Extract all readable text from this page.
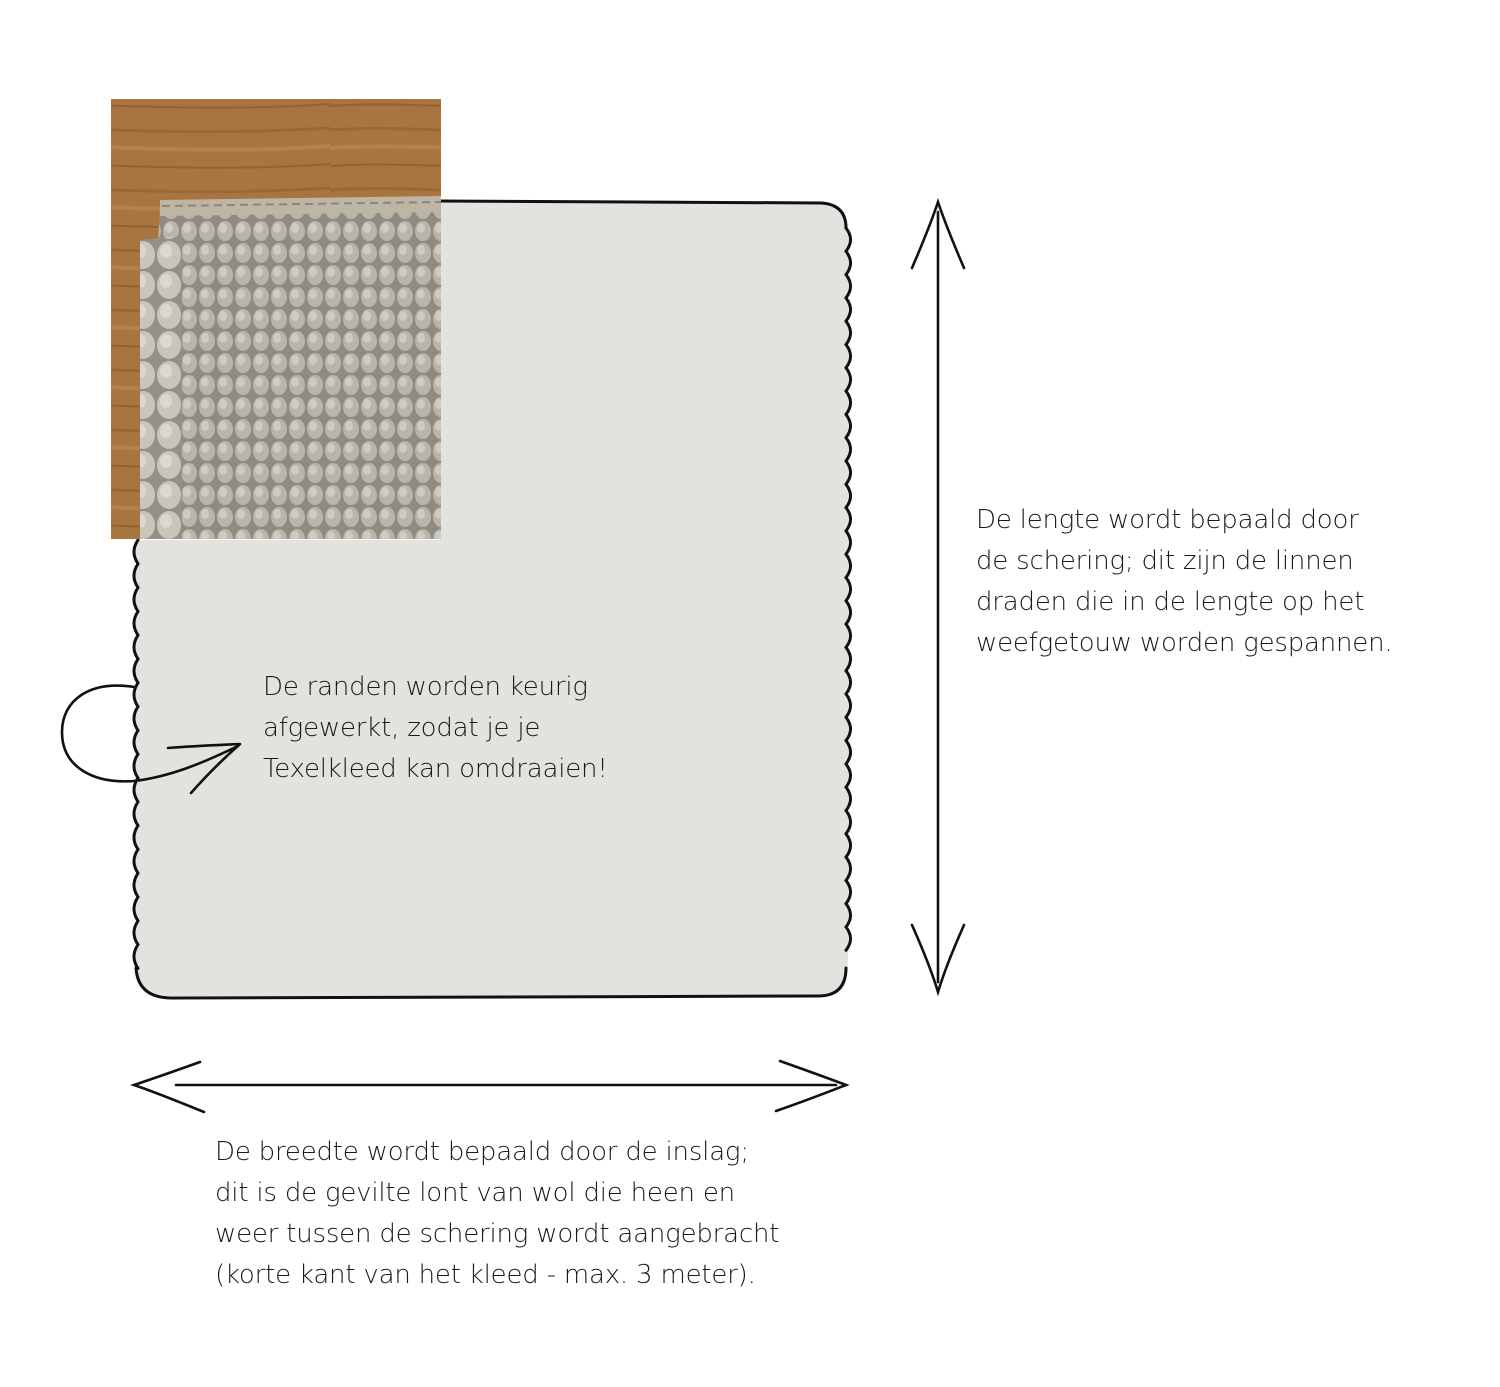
De lengte wordt bepaald door
de schering; dit zijn de linnen
draden die in de lengte op het
weefgetouw worden gespannen.

De randen worden keurig
afgewerkt, zodat je je
Texelkleed kan omdraaien!

De breedte wordt bepaald door de inslag;
dit is de gevilte lont van wol die heen en
weer tussen de schering wordt aangebracht
(korte kant van het kleed - max. 3 meter).
